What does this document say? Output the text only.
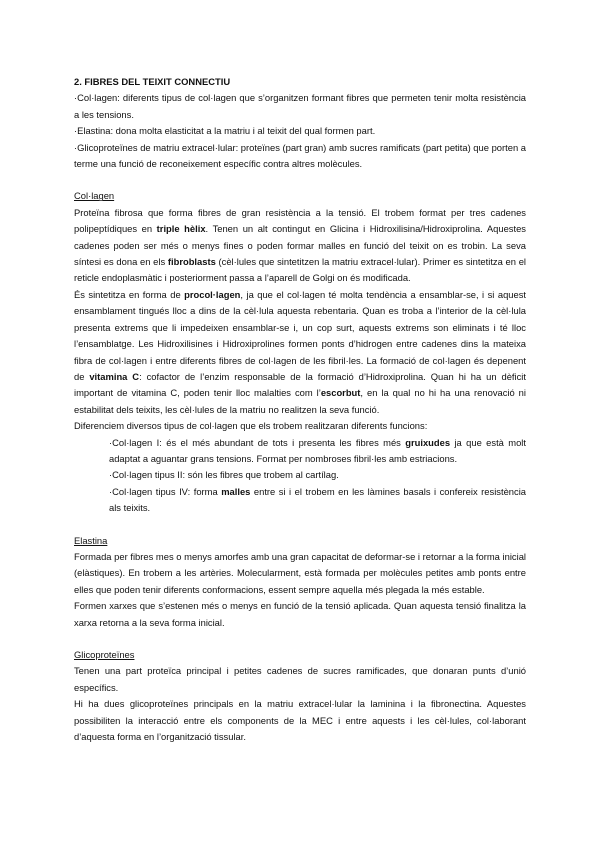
2. FIBRES DEL TEIXIT CONNECTIU

·Col·lagen: diferents tipus de col·lagen que s’organitzen formant fibres que permeten tenir molta resistència a les tensions.

·Elastina: dona molta elasticitat a la matriu i al teixit del qual formen part.

·Glicoproteïnes de matriu extracel·lular: proteïnes (part gran) amb sucres ramificats (part petita) que porten a terme una funció de reconeixement específic contra altres molècules.

Col·lagen

Proteïna fibrosa que forma fibres de gran resistència a la tensió. El trobem format per tres cadenes polipeptídiques en triple hèlix. Tenen un alt contingut en Glicina i Hidroxilisina/Hidroxiprolina. Aquestes cadenes poden ser més o menys fines o poden formar malles en funció del teixit on es trobin. La seva síntesi es dona en els fibroblasts (cèl·lules que sintetitzen la matriu extracel·lular). Primer es sintetitza en el reticle endoplasmàtic i posteriorment passa a l’aparell de Golgi on és modificada.

És sintetitza en forma de procol·lagen, ja que el col·lagen té molta tendència a ensamblar-se, i si aquest ensamblament tingués lloc a dins de la cèl·lula aquesta rebentaria. Quan es troba a l’interior de la cèl·lula presenta extrems que li impedeixen ensamblar-se i, un cop surt, aquests extrems son eliminats i té lloc l’ensamblatge. Les Hidroxilisines i Hidroxiprolines formen ponts d’hidrogen entre cadenes dins la mateixa fibra de col·lagen i entre diferents fibres de col·lagen de les fibril·les. La formació de col·lagen és depenent de vitamina C: cofactor de l’enzim responsable de la formació d’Hidroxiprolina. Quan hi ha un dèficit important de vitamina C, poden tenir lloc malalties com l’escorbut, en la qual no hi ha una renovació ni estabilitat dels teixits, les cèl·lules de la matriu no realitzen la seva funció.

Diferenciem diversos tipus de col·lagen que els trobem realitzaran diferents funcions:

·Col·lagen I: és el més abundant de tots i presenta les fibres més gruixudes ja que està molt adaptat a aguantar grans tensions. Format per nombroses fibril·les amb estriacions.

·Col·lagen tipus II: són les fibres que trobem al cartílag.

·Col·lagen tipus IV: forma malles entre si i el trobem en les làmines basals i confereix resistència als teixits.

Elastina

Formada per fibres mes o menys amorfes amb una gran capacitat de deformar-se i retornar a la forma inicial (elàstiques). En trobem a les artèries. Molecularment, està formada per molècules petites amb ponts entre elles que poden tenir diferents conformacions, essent sempre aquella més plegada la més estable.

Formen xarxes que s’estenen més o menys en funció de la tensió aplicada. Quan aquesta tensió finalitza la xarxa retorna a la seva forma inicial.

Glicoproteïnes

Tenen una part proteïca principal i petites cadenes de sucres ramificades, que donaran punts d’unió específics.

Hi ha dues glicoproteïnes principals en la matriu extracel·lular la laminina i la fibronectina. Aquestes possibiliten la interacció entre els components de la MEC i entre aquests i les cèl·lules, col·laborant d’aquesta forma en l’organització tissular.
